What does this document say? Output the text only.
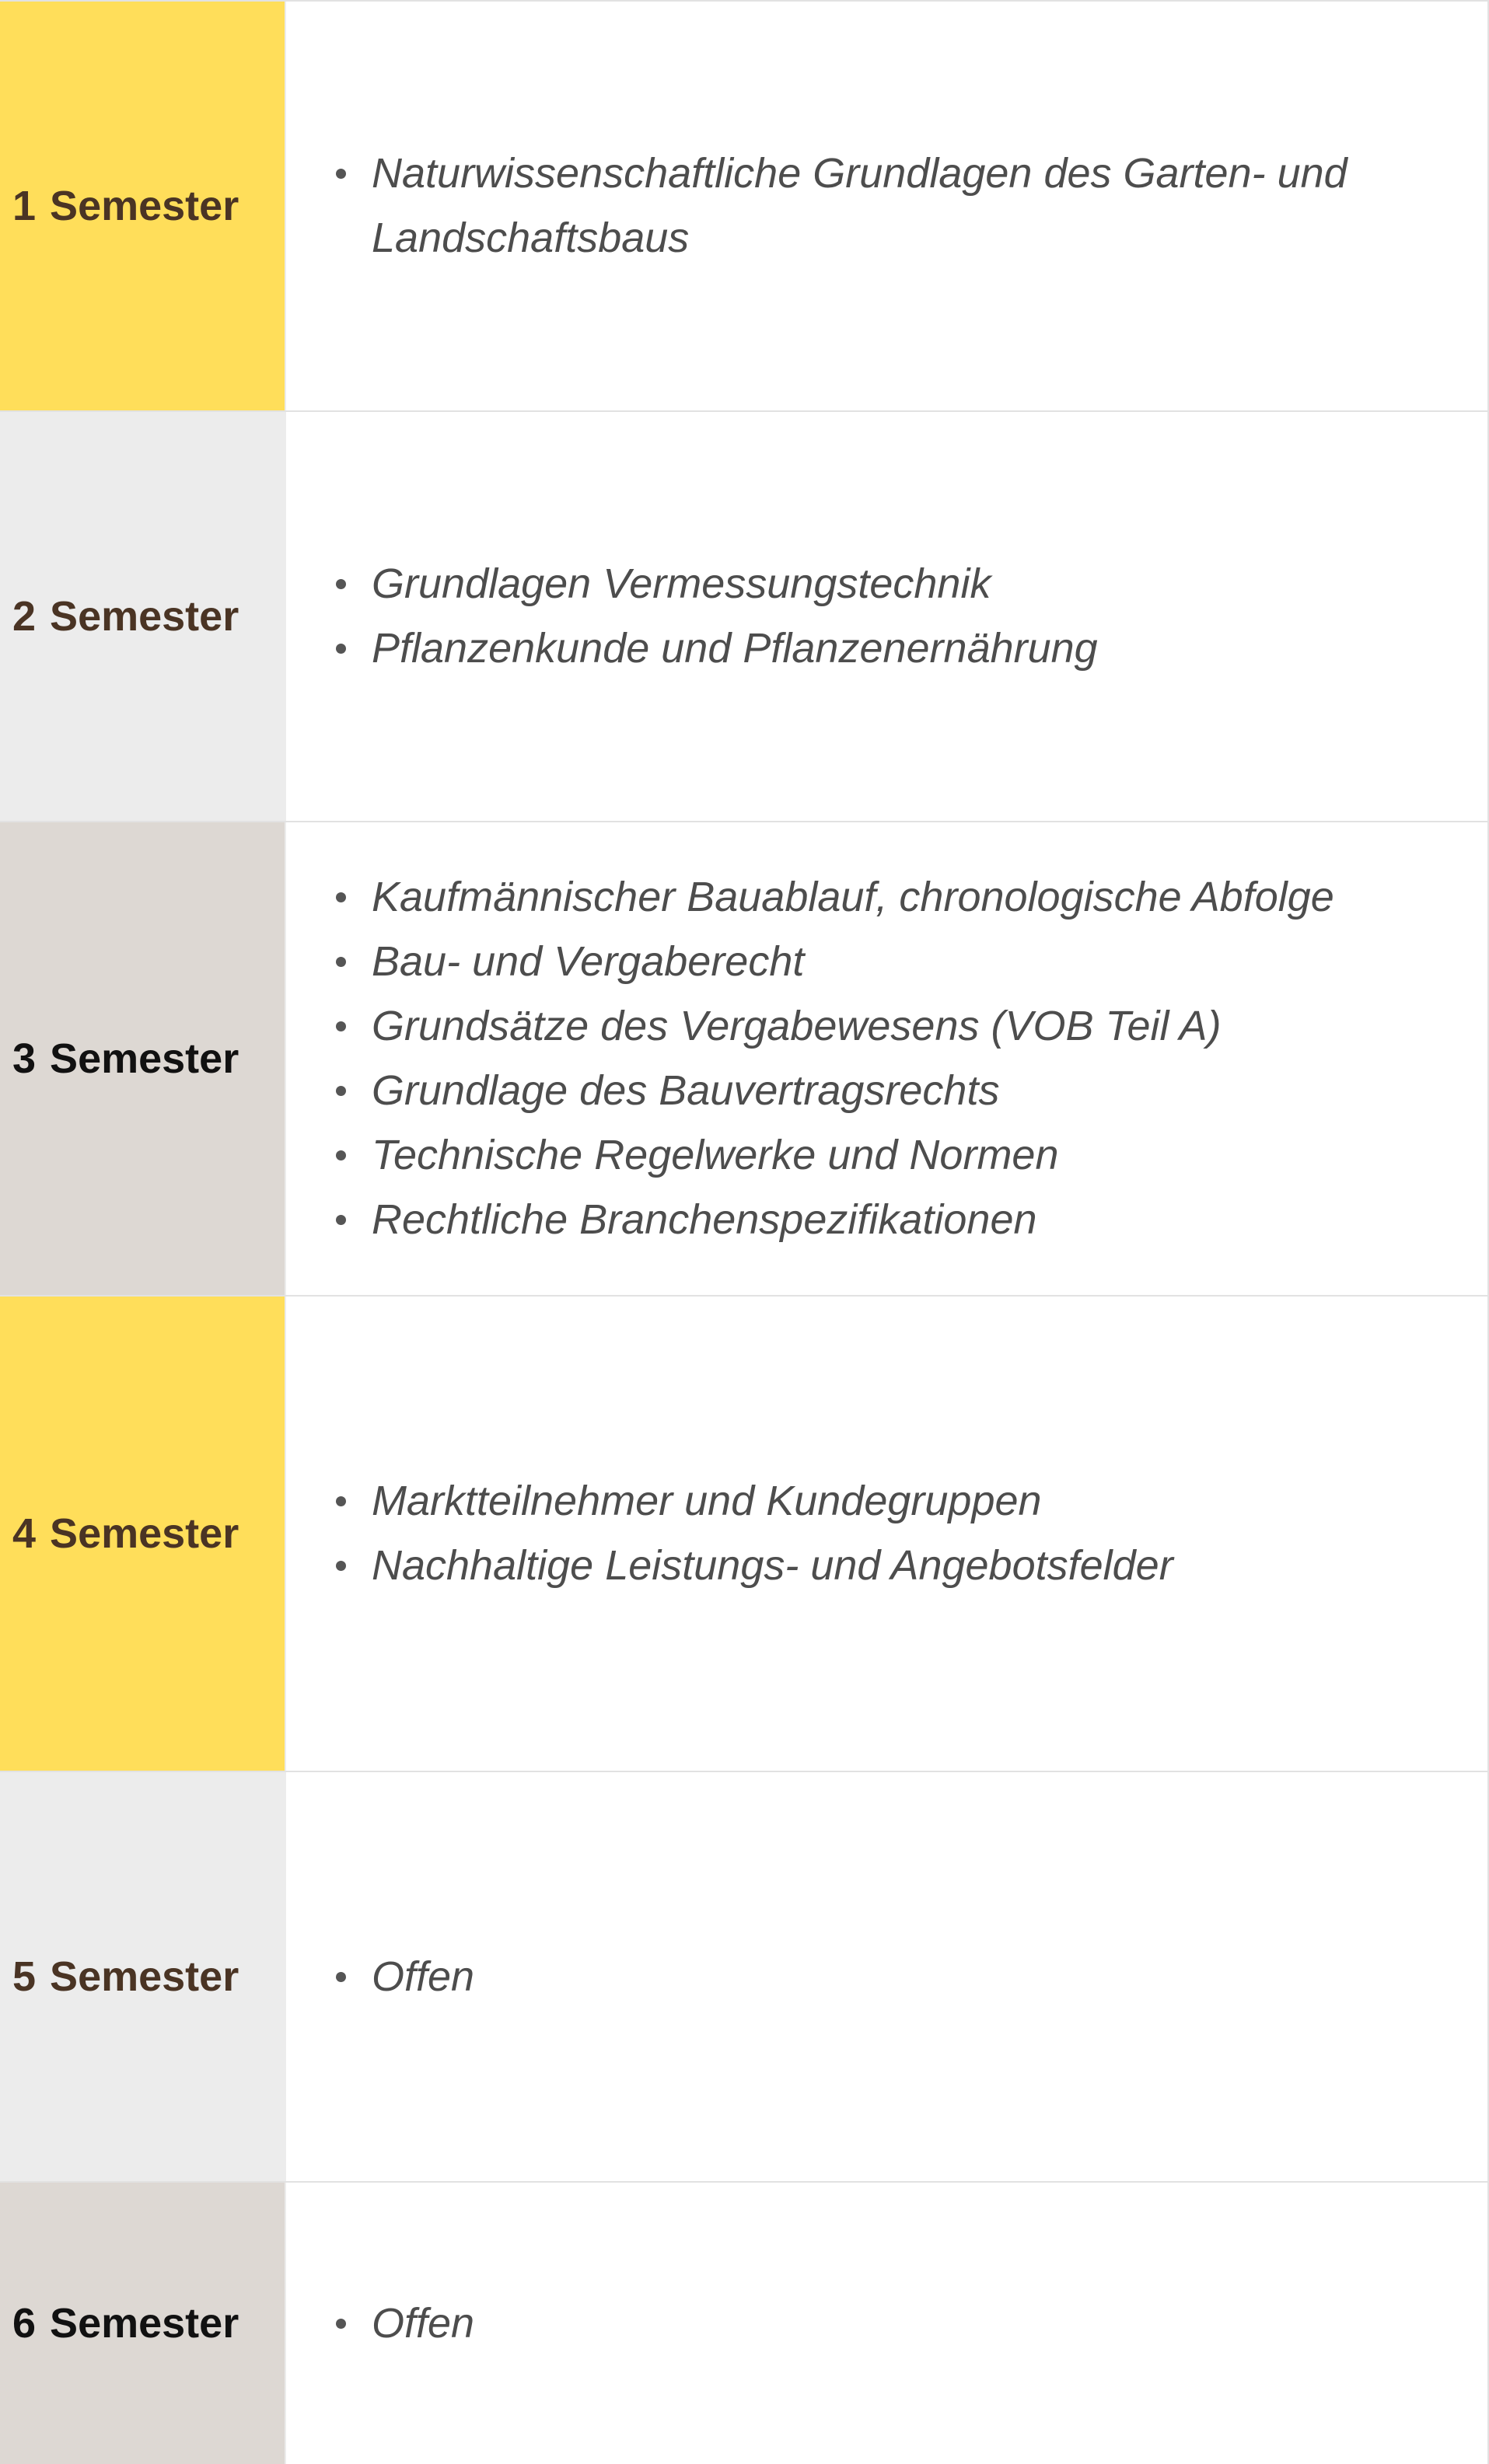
1 Semester
Naturwissenschaftliche Grundlagen des Garten- und Landschaftsbaus
2 Semester
Grundlagen Vermessungstechnik
Pflanzenkunde und Pflanzenernährung
3 Semester
Kaufmännischer Bauablauf, chronologische Abfolge
Bau- und Vergaberecht
Grundsätze des Vergabewesens (VOB Teil A)
Grundlage des Bauvertragsrechts
Technische Regelwerke und Normen
Rechtliche Branchenspezifikationen
4 Semester
Marktteilnehmer und Kundegruppen
Nachhaltige Leistungs- und Angebotsfelder
5 Semester	Offen
6 Semester	Offen
